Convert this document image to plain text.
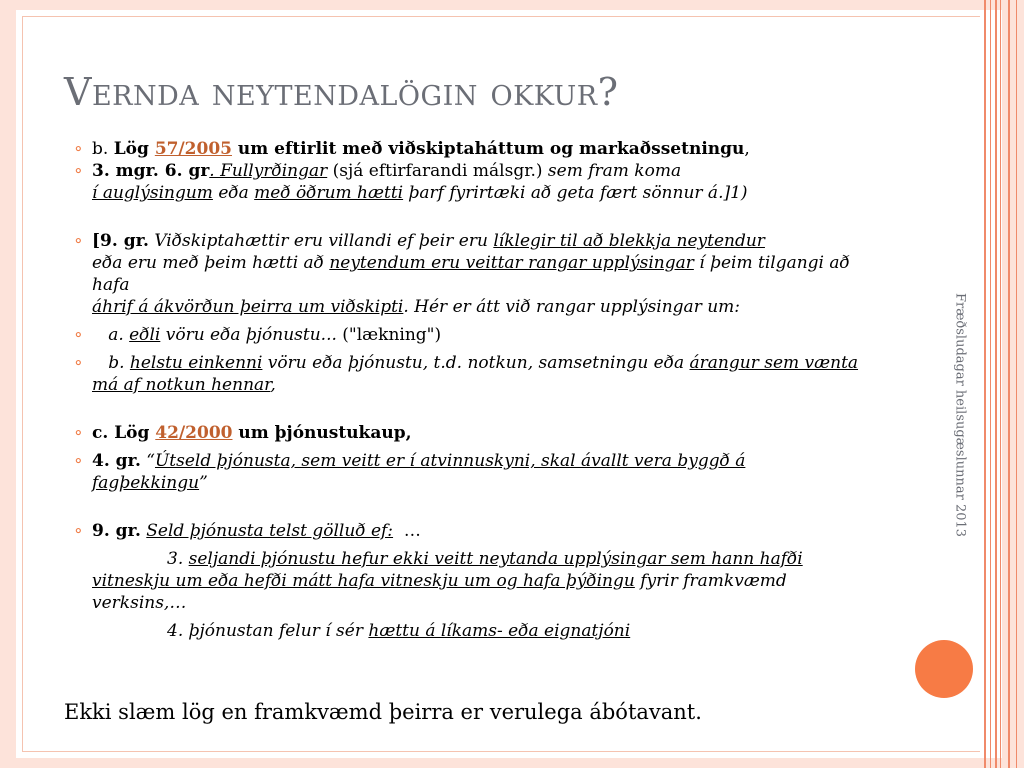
Vernda neytendalögin okkur?
⚬ b. Lög 57/2005 um eftirlit með viðskiptaháttum og markaðssetningu,
⚬ 3. mgr. 6. gr. Fullyrðingar (sjá eftirfarandi málsgr.) sem fram koma
í auglýsingum eða með öðrum hætti þarf fyrirtæki að geta fært sönnur á.]1)
⚬ [9. gr. Viðskiptahættir eru villandi ef þeir eru líklegir til að blekkja neytendur
eða eru með þeim hætti að neytendum eru veittar rangar upplýsingar í þeim tilgangi að hafa
áhrif á ákvörðun þeirra um viðskipti. Hér er átt við rangar upplýsingar um:
⚬ a. eðli vöru eða þjónustu... ("lækning")
⚬ b. helstu einkenni vöru eða þjónustu, t.d. notkun, samsetningu eða árangur sem vænta má af notkun hennar,
⚬ c. Lög 42/2000 um þjónustukaup,
⚬ 4. gr. “Útseld þjónusta, sem veitt er í atvinnuskyni, skal ávallt vera byggð á fagþekkingu”
⚬ 9. gr. Seld þjónusta telst gölluð ef:  …
3. seljandi þjónustu hefur ekki veitt neytanda upplýsingar sem hann hafði vitneskju um eða hefði mátt hafa vitneskju um og hafa þýðingu fyrir framkvæmd verksins,…
4. þjónustan felur í sér hættu á líkams- eða eignatjóni
Ekki slæm lög en framkvæmd þeirra er verulega ábótavant.
Fræðsludagar heilsugæslunnar 2013
